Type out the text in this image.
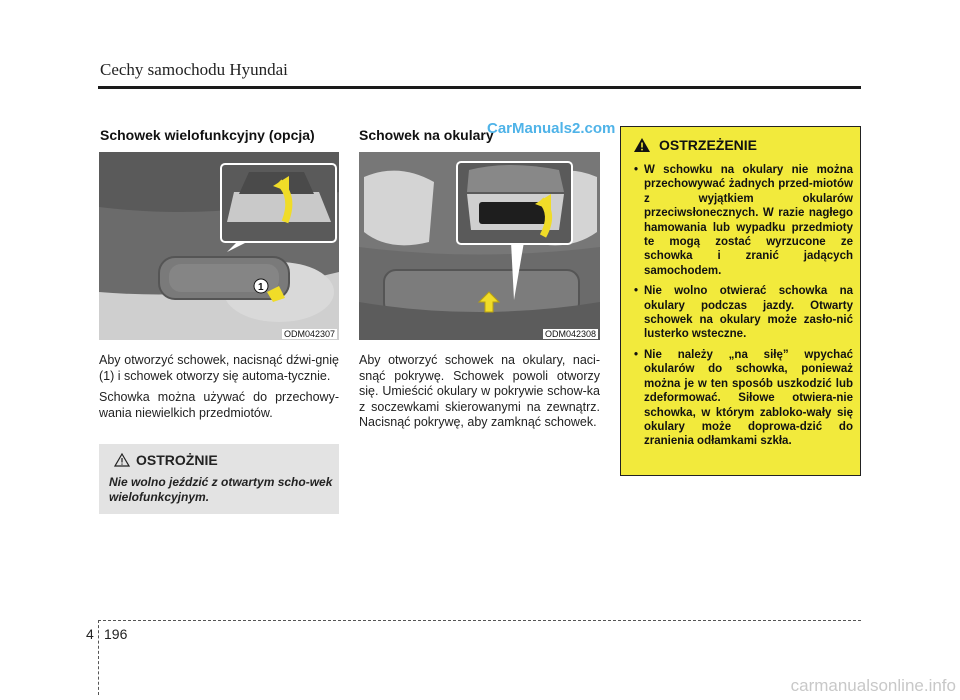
Cechy samochodu Hyundai
Schowek wielofunkcyjny (opcja)
1
ODM042307

Aby otworzyć schowek, nacisnąć dźwi-gnię (1) i schowek otworzy się automa-tycznie.

Schowka można używać do przechowy-wania niewielkich przedmiotów.

OSTROŻNIE
Nie wolno jeździć z otwartym scho-wek wielofunkcyjnym.
Schowek na okulary
CarManuals2.com
ODM042308

Aby otworzyć schowek na okulary, naci-snąć pokrywę. Schowek powoli otworzy się. Umieścić okulary w pokrywie schow-ka z soczewkami skierowanymi na zewnątrz. Nacisnąć pokrywę, aby zamknąć schowek.

OSTRZEŻENIE
• W schowku na okulary nie można przechowywać żadnych przed-miotów z wyjątkiem okularów przeciwsłonecznych. W razie nagłego hamowania lub wypadku przedmioty te mogą zostać wyrzucone ze schowka i zranić jadących samochodem.
• Nie wolno otwierać schowka na okulary podczas jazdy. Otwarty schowek na okulary może zasło-nić lusterko wsteczne.
• Nie należy „na siłę” wpychać okularów do schowka, ponieważ można je w ten sposób uszkodzić lub zdeformować. Siłowe otwiera-nie schowka, w którym zabloko-wały się okulary może doprowa-dzić do zranienia odłamkami szkła.
4 196
carmanualsonline.info
